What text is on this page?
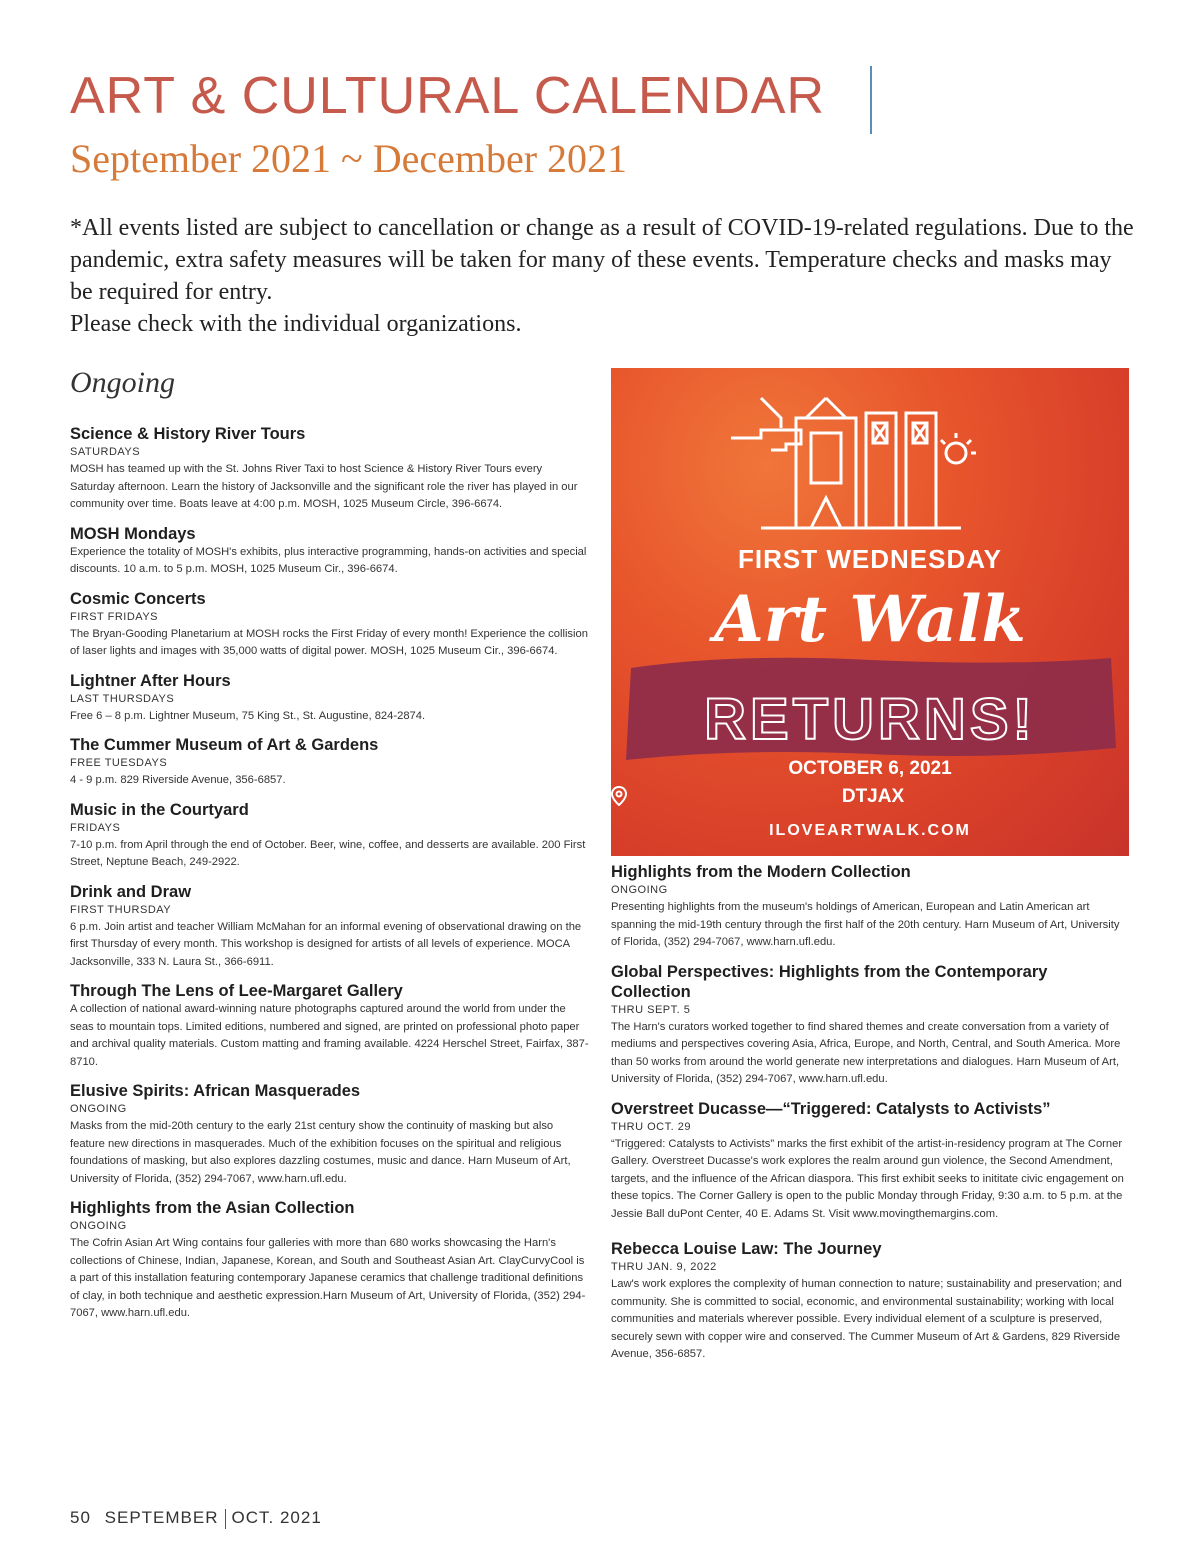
ART & CULTURAL CALENDAR
September 2021 ~ December 2021

*All events listed are subject to cancellation or change as a result of COVID-19-related regulations. Due to the pandemic, extra safety measures will be taken for many of these events. Temperature checks and masks may be required for entry.

Please check with the individual organizations.

Ongoing
Science & History River Tours
SATURDAYS
MOSH has teamed up with the St. Johns River Taxi to host Science & History River Tours every Saturday afternoon. Learn the history of Jacksonville and the significant role the river has played in our community over time. Boats leave at 4:00 p.m. MOSH, 1025 Museum Circle, 396-6674.
MOSH Mondays
Experience the totality of MOSH's exhibits, plus interactive programming, hands-on activities and special discounts. 10 a.m. to 5 p.m. MOSH, 1025 Museum Cir., 396-6674.
Cosmic Concerts
FIRST FRIDAYS
The Bryan-Gooding Planetarium at MOSH rocks the First Friday of every month! Experience the collision of laser lights and images with 35,000 watts of digital power. MOSH, 1025 Museum Cir., 396-6674.
Lightner After Hours
LAST THURSDAYS
Free 6 – 8 p.m. Lightner Museum, 75 King St., St. Augustine, 824-2874.
The Cummer Museum of Art & Gardens
FREE TUESDAYS
4 - 9 p.m. 829 Riverside Avenue, 356-6857.
Music in the Courtyard
FRIDAYS
7-10 p.m. from April through the end of October. Beer, wine, coffee, and desserts are available. 200 First Street, Neptune Beach, 249-2922.
Drink and Draw
FIRST THURSDAY
6 p.m. Join artist and teacher William McMahan for an informal evening of observational drawing on the first Thursday of every month. This workshop is designed for artists of all levels of experience. MOCA Jacksonville, 333 N. Laura St., 366-6911.
Through The Lens of Lee-Margaret Gallery
A collection of national award-winning nature photographs captured around the world from under the seas to mountain tops. Limited editions, numbered and signed, are printed on professional photo paper and archival quality materials. Custom matting and framing available. 4224 Herschel Street, Fairfax, 387-8710.
Elusive Spirits: African Masquerades
ONGOING
Masks from the mid-20th century to the early 21st century show the continuity of masking but also feature new directions in masquerades. Much of the exhibition focuses on the spiritual and religious foundations of masking, but also explores dazzling costumes, music and dance. Harn Museum of Art, University of Florida, (352) 294-7067, www.harn.ufl.edu.
Highlights from the Asian Collection
ONGOING
The Cofrin Asian Art Wing contains four galleries with more than 680 works showcasing the Harn's collections of Chinese, Indian, Japanese, Korean, and South and Southeast Asian Art. ClayCurvyCool is a part of this installation featuring contemporary Japanese ceramics that challenge traditional definitions of clay, in both technique and aesthetic expression.Harn Museum of Art, University of Florida, (352) 294-7067, www.harn.ufl.edu.
FIRST WEDNESDAY
Art Walk
RETURNS!
OCTOBER 6, 2021
DTJAX
ILOVEARTWALK.COM
Highlights from the Modern Collection
ONGOING
Presenting highlights from the museum's holdings of American, European and Latin American art spanning the mid-19th century through the first half of the 20th century. Harn Museum of Art, University of Florida, (352) 294-7067, www.harn.ufl.edu.
Global Perspectives: Highlights from the Contemporary Collection
THRU SEPT. 5
The Harn's curators worked together to find shared themes and create conversation from a variety of mediums and perspectives covering Asia, Africa, Europe, and North, Central, and South America. More than 50 works from around the world generate new interpretations and dialogues. Harn Museum of Art, University of Florida, (352) 294-7067, www.harn.ufl.edu.
Overstreet Ducasse—“Triggered: Catalysts to Activists”
THRU OCT. 29
“Triggered: Catalysts to Activists” marks the first exhibit of the artist-in-residency program at The Corner Gallery. Overstreet Ducasse's work explores the realm around gun violence, the Second Amendment, targets, and the influence of the African diaspora. This first exhibit seeks to inititate civic engagement on these topics. The Corner Gallery is open to the public Monday through Friday, 9:30 a.m. to 5 p.m. at the Jessie Ball duPont Center, 40 E. Adams St. Visit www.movingthemargins.com.
Rebecca Louise Law: The Journey
THRU JAN. 9, 2022
Law's work explores the complexity of human connection to nature; sustainability and preservation; and community. She is committed to social, economic, and environmental sustainability; working with local communities and materials wherever possible. Every individual element of a sculpture is preserved, securely sewn with copper wire and conserved. The Cummer Museum of Art & Gardens, 829 Riverside Avenue, 356-6857.
50 SEPTEMBER OCT. 2021
